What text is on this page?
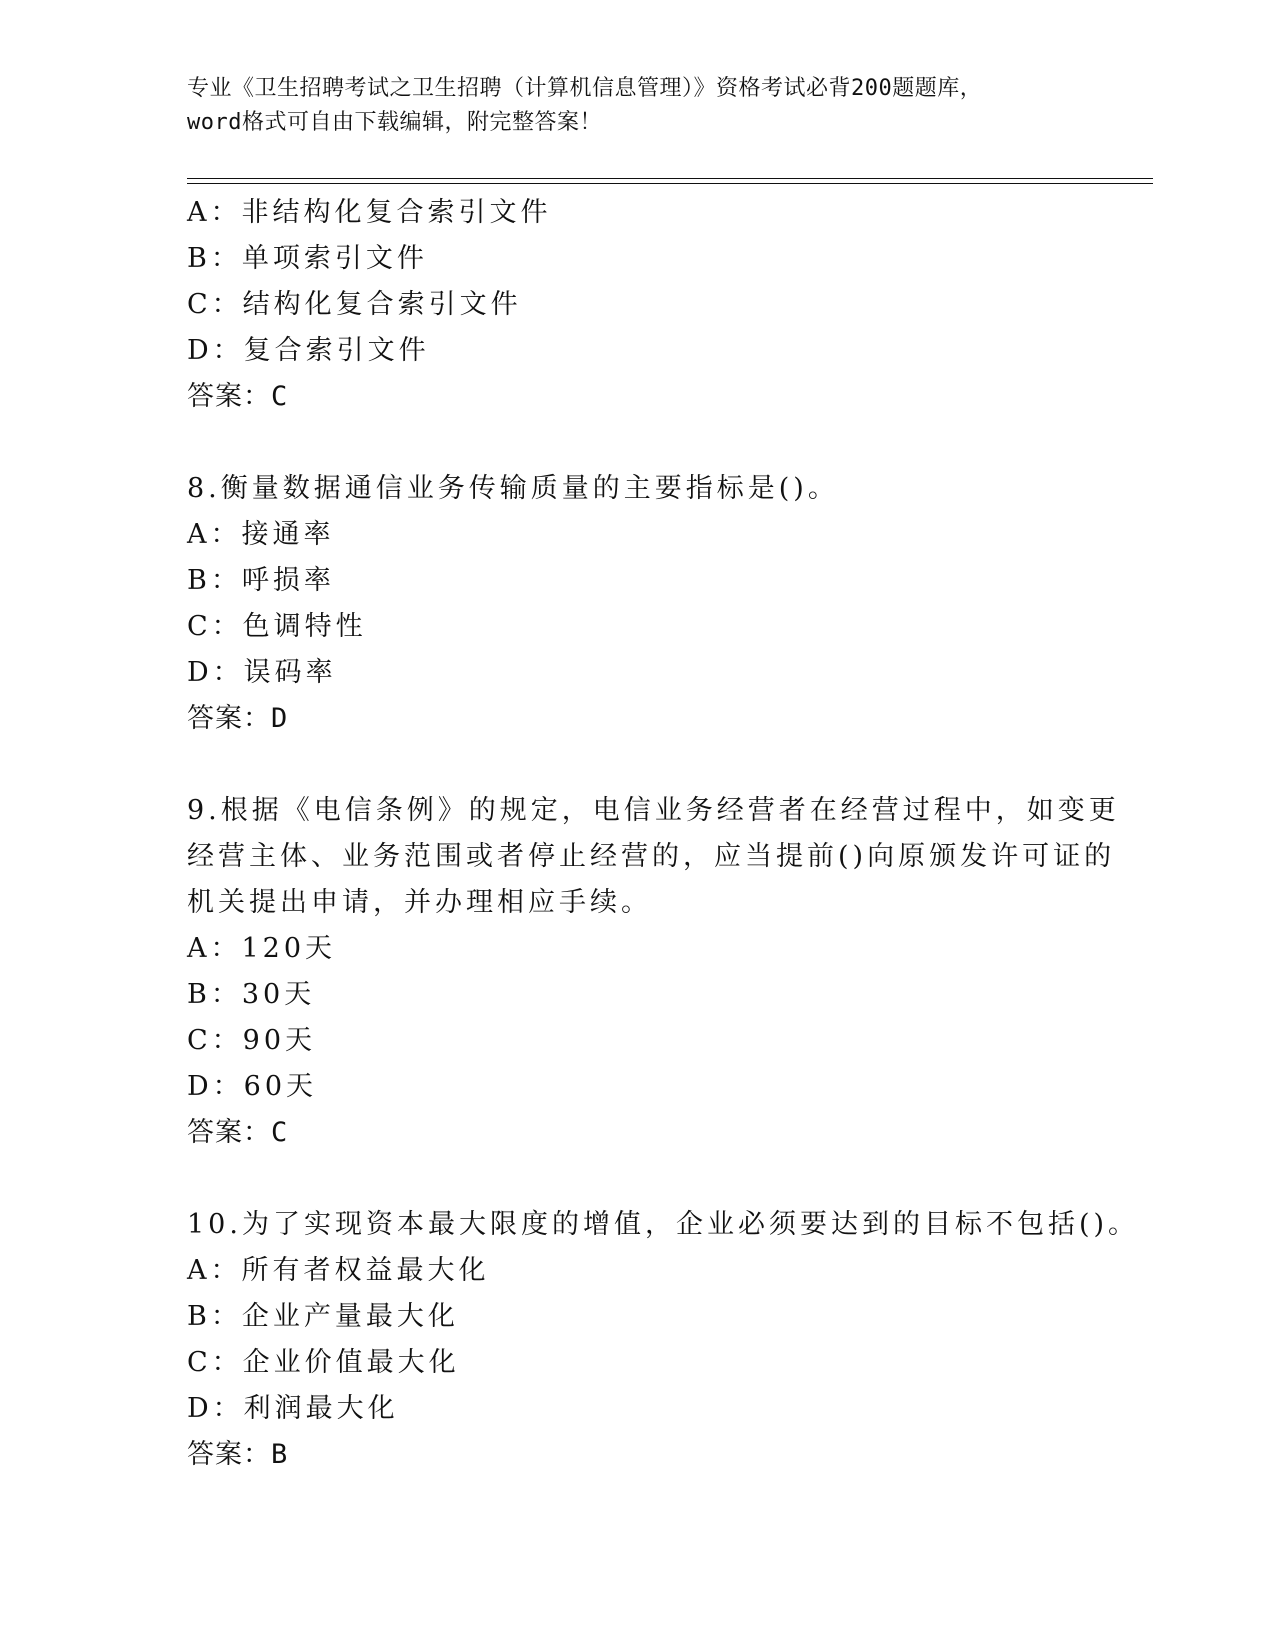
专业《卫生招聘考试之卫生招聘（计算机信息管理）》资格考试必背200题题库，
word格式可自由下载编辑，附完整答案！
A：非结构化复合索引文件
B：单项索引文件
C：结构化复合索引文件
D：复合索引文件
答案：C
8.衡量数据通信业务传输质量的主要指标是()。
A：接通率
B：呼损率
C：色调特性
D：误码率
答案：D
9.根据《电信条例》的规定，电信业务经营者在经营过程中，如变更
经营主体、业务范围或者停止经营的，应当提前()向原颁发许可证的
机关提出申请，并办理相应手续。
A：120天
B：30天
C：90天
D：60天
答案：C
10.为了实现资本最大限度的增值，企业必须要达到的目标不包括()。
A：所有者权益最大化
B：企业产量最大化
C：企业价值最大化
D：利润最大化
答案：B
